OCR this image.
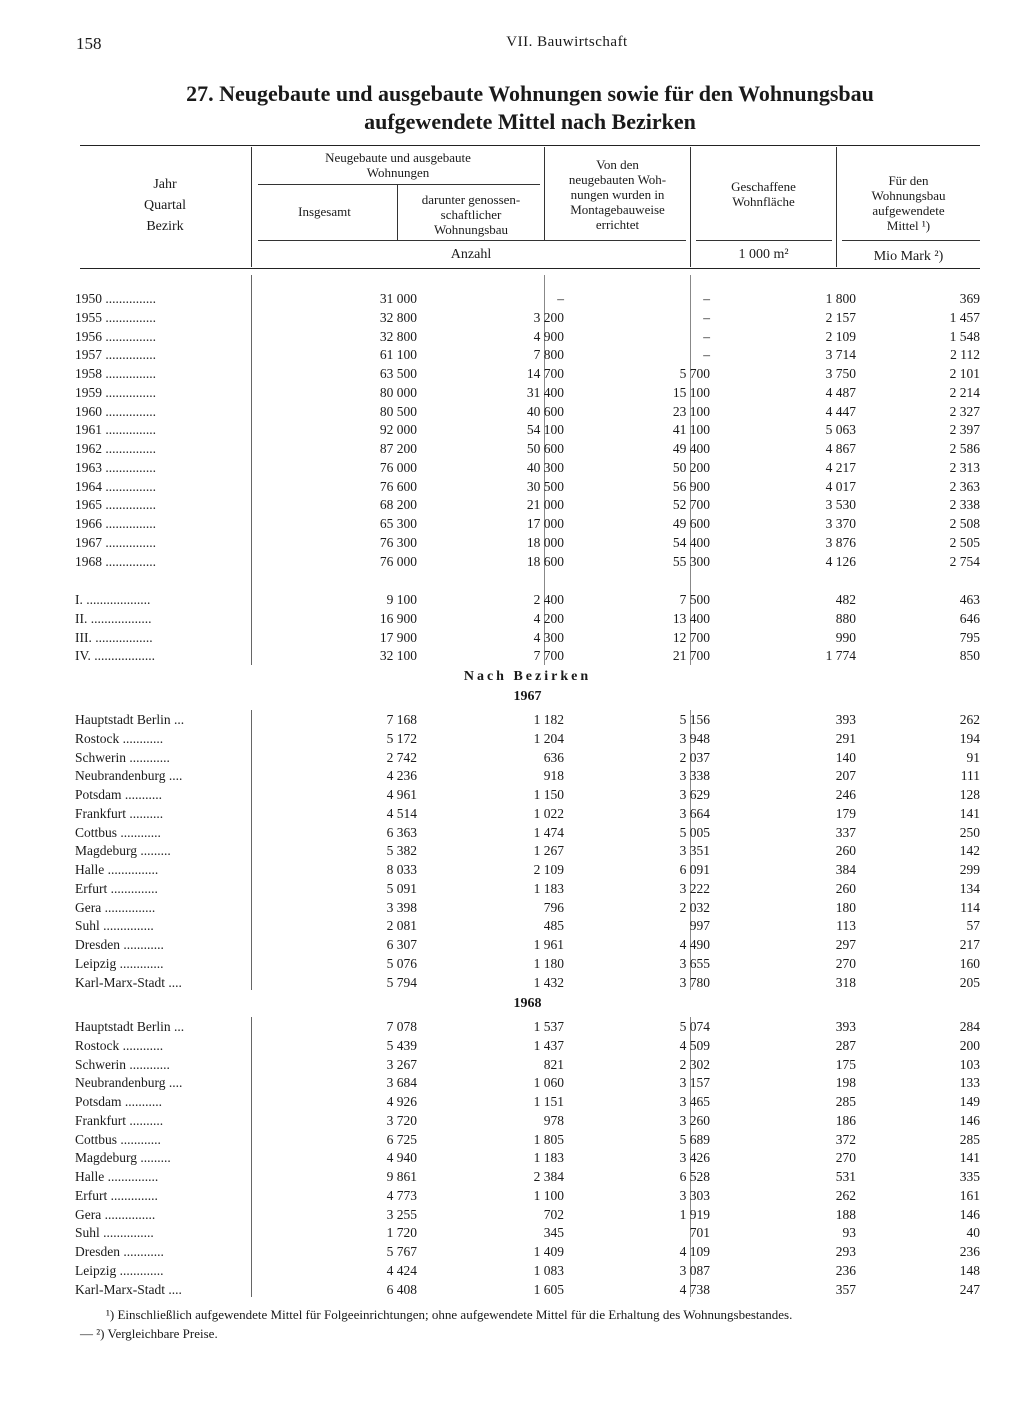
158	VII. Bauwirtschaft
27. Neugebaute und ausgebaute Wohnungen sowie für den Wohnungsbau
aufgewendete Mittel nach Bezirken
Jahr
Quartal
Bezirk
Neugebaute und ausgebaute
Wohnungen
Insgesamt
darunter genossen-
schaftlicher
Wohnungsbau
Von den
neugebauten Woh-
nungen wurden in
Montagebauweise
errichtet
Geschaffene
Wohnfläche
Für den
Wohnungsbau
aufgewendete
Mittel ¹)
Anzahl	1 000 m²	Mio Mark ²)
1950 ...............	31 000	–	–	1 800	369
1955 ...............	32 800	3 200	–	2 157	1 457
1956 ...............	32 800	4 900	–	2 109	1 548
1957 ...............	61 100	7 800	–	3 714	2 112
1958 ...............	63 500	14 700	5 700	3 750	2 101
1959 ...............	80 000	31 400	15 100	4 487	2 214
1960 ...............	80 500	40 600	23 100	4 447	2 327
1961 ...............	92 000	54 100	41 100	5 063	2 397
1962 ...............	87 200	50 600	49 400	4 867	2 586
1963 ...............	76 000	40 300	50 200	4 217	2 313
1964 ...............	76 600	30 500	56 900	4 017	2 363
1965 ...............	68 200	21 000	52 700	3 530	2 338
1966 ...............	65 300	17 000	49 600	3 370	2 508
1967 ...............	76 300	18 000	54 400	3 876	2 505
1968 ...............	76 000	18 600	55 300	4 126	2 754
I. ...................	9 100	2 400	7 500	482	463
II. ..................	16 900	4 200	13 400	880	646
III. .................	17 900	4 300	12 700	990	795
IV. ..................	32 100	7 700	21 700	1 774	850
Nach Bezirken
1967
Hauptstadt Berlin ...	7 168	1 182	5 156	393	262
Rostock ............	5 172	1 204	3 948	291	194
Schwerin ............	2 742	636	2 037	140	91
Neubrandenburg ....	4 236	918	3 338	207	111
Potsdam ...........	4 961	1 150	3 629	246	128
Frankfurt ..........	4 514	1 022	3 664	179	141
Cottbus ............	6 363	1 474	5 005	337	250
Magdeburg .........	5 382	1 267	3 351	260	142
Halle ...............	8 033	2 109	6 091	384	299
Erfurt ..............	5 091	1 183	3 222	260	134
Gera ...............	3 398	796	2 032	180	114
Suhl ...............	2 081	485	997	113	57
Dresden ............	6 307	1 961	4 490	297	217
Leipzig .............	5 076	1 180	3 655	270	160
Karl-Marx-Stadt ....	5 794	1 432	3 780	318	205
1968
Hauptstadt Berlin ...	7 078	1 537	5 074	393	284
Rostock ............	5 439	1 437	4 509	287	200
Schwerin ............	3 267	821	2 302	175	103
Neubrandenburg ....	3 684	1 060	3 157	198	133
Potsdam ...........	4 926	1 151	3 465	285	149
Frankfurt ..........	3 720	978	3 260	186	146
Cottbus ............	6 725	1 805	5 689	372	285
Magdeburg .........	4 940	1 183	3 426	270	141
Halle ...............	9 861	2 384	6 528	531	335
Erfurt ..............	4 773	1 100	3 303	262	161
Gera ...............	3 255	702	1 919	188	146
Suhl ...............	1 720	345	701	93	40
Dresden ............	5 767	1 409	4 109	293	236
Leipzig .............	4 424	1 083	3 087	236	148
Karl-Marx-Stadt ....	6 408	1 605	4 738	357	247
¹) Einschließlich aufgewendete Mittel für Folgeeinrichtungen; ohne aufgewendete Mittel für die Erhaltung des Wohnungsbestandes.
— ²) Vergleichbare Preise.
